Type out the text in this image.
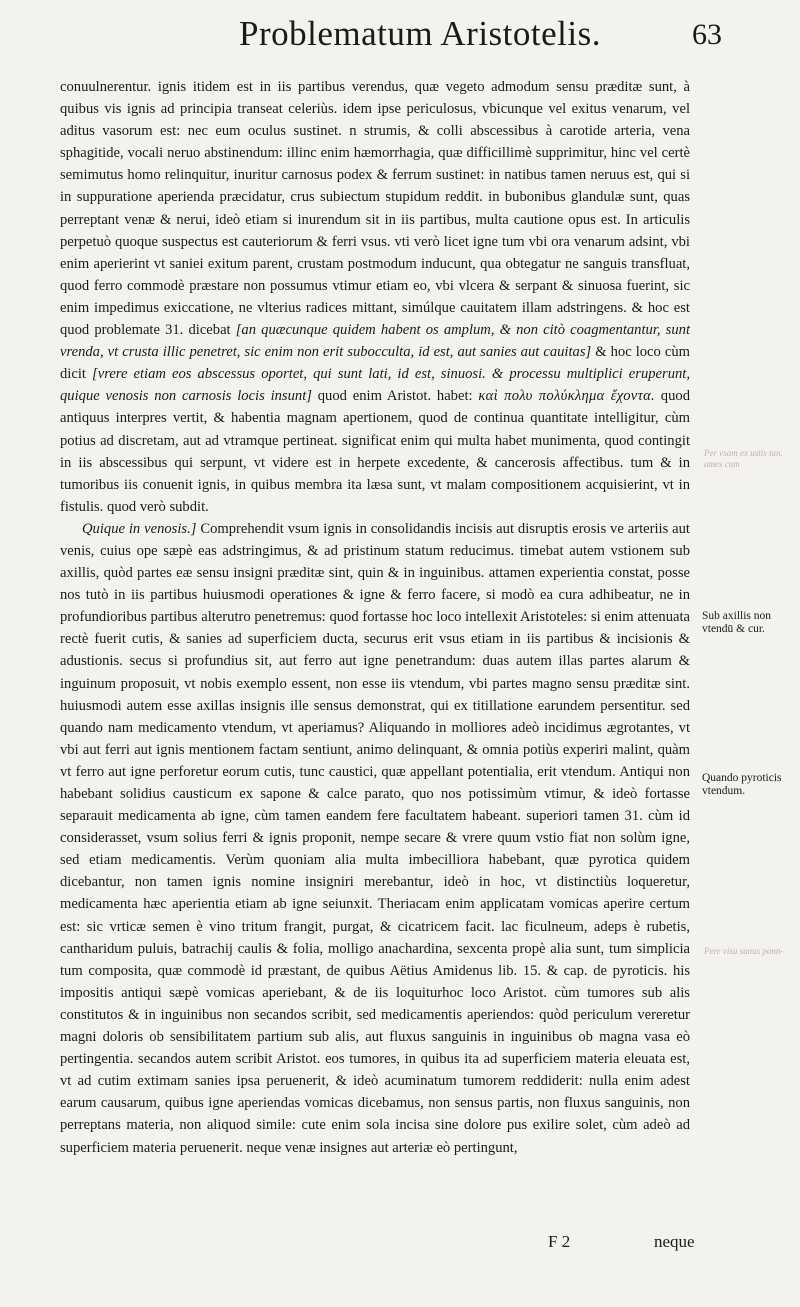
Problematum Aristotelis.	63

conuulnerentur. ignis itidem est in iis partibus verendus, quæ vegeto admodum sensu præditæ sunt, à quibus vis ignis ad principia transeat celeriùs. idem ipse periculosus, vbicunque vel exitus venarum, vel aditus vasorum est: nec eum oculus sustinet. n strumis, & colli abscessibus à carotide arteria, vena sphagitide, vocali neruo abstinendum: illinc enim hæmorrhagia, quæ difficillimè supprimitur, hinc vel certè semimutus homo relinquitur, inuritur carnosus podex & ferrum sustinet: in natibus tamen neruus est, qui si in suppuratione aperienda præcidatur, crus subiectum stupidum reddit. in bubonibus glandulæ sunt, quas perreptant venæ & nerui, ideò etiam si inurendum sit in iis partibus, multa cautione opus est. In articulis perpetuò quoque suspectus est cauteriorum & ferri vsus. vti verò licet igne tum vbi ora venarum adsint, vbi enim aperierint vt saniei exitum parent, crustam postmodum inducunt, qua obtegatur ne sanguis transfluat, quod ferro commodè præstare non possumus vtimur etiam eo, vbi vlcera & serpant & sinuosa fuerint, sic enim impedimus exiccatione, ne vlterius radices mittant, simúlque cauitatem illam adstringens. & hoc est quod problemate 31. dicebat [an quæcunque quidem habent os amplum, & non citò coagmentantur, sunt vrenda, vt crusta illic penetret, sic enim non erit subocculta, id est, aut sanies aut cauitas] & hoc loco cùm dicit [vrere etiam eos abscessus oportet, qui sunt lati, id est, sinuosi. & processu multiplici eruperunt, quique venosis non carnosis locis insunt] quod enim Aristot. habet: καὶ πολυ πολύκλημα ἔχοντα. quod antiquus interpres vertit, & habentia magnam apertionem, quod de continua quantitate intelligitur, cùm potius ad discretam, aut ad vtramque pertineat. significat enim qui multa habet munimenta, quod contingit in iis abscessibus qui serpunt, vt videre est in herpete excedente, & cancerosis affectibus. tum & in tumoribus iis conuenit ignis, in quibus membra ita læsa sunt, vt malam compositionem acquisierint, vt in fistulis. quod verò subdit.

Quique in venosis.] Comprehendit vsum ignis in consolidandis incisis aut disruptis erosis ve arteriis aut venis, cuius ope sæpè eas adstringimus, & ad pristinum statum reducimus. timebat autem vstionem sub axillis, quòd partes eæ sensu insigni præditæ sint, quin & in inguinibus. attamen experientia constat, posse nos tutò in iis partibus huiusmodi operationes & igne & ferro facere, si modò ea cura adhibeatur, ne in profundioribus partibus alterutro penetremus: quod fortasse hoc loco intellexit Aristoteles: si enim attenuata rectè fuerit cutis, & sanies ad superficiem ducta, securus erit vsus etiam in iis partibus & incisionis & adustionis. secus si profundius sit, aut ferro aut igne penetrandum: duas autem illas partes alarum & inguinum proposuit, vt nobis exemplo essent, non esse iis vtendum, vbi partes magno sensu præditæ sint. huiusmodi autem esse axillas insignis ille sensus demonstrat, qui ex titillatione earundem persentitur. sed quando nam medicamento vtendum, vt aperiamus? Aliquando in molliores adeò incidimus ægrotantes, vt vbi aut ferri aut ignis mentionem factam sentiunt, animo delinquant, & omnia potiùs experiri malint, quàm vt ferro aut igne perforetur eorum cutis, tunc caustici, quæ appellant potentialia, erit vtendum. Antiqui non habebant solidius causticum ex sapone & calce parato, quo nos potissimùm vtimur, & ideò fortasse separauit medicamenta ab igne, cùm tamen eandem fere facultatem habeant. superiori tamen 31. cùm id considerasset, vsum solius ferri & ignis proponit, nempe secare & vrere quum vstio fiat non solùm igne, sed etiam medicamentis. Verùm quoniam alia multa imbecilliora habebant, quæ pyrotica quidem dicebantur, non tamen ignis nomine insigniri merebantur, ideò in hoc, vt distinctiùs loqueretur, medicamenta hæc aperientia etiam ab igne seiunxit. Theriacam enim applicatam vomicas aperire certum est: sic vrticæ semen è vino tritum frangit, purgat, & cicatricem facit. lac ficulneum, adeps è rubetis, cantharidum puluis, batrachij caulis & folia, molligo anachardina, sexcenta propè alia sunt, tum simplicia tum composita, quæ commodè id præstant, de quibus Aëtius Amidenus lib. 15. & cap. de pyroticis. his impositis antiqui sæpè vomicas aperiebant, & de iis loquiturhoc loco Aristot. cùm tumores sub alis constitutos & in inguinibus non secandos scribit, sed medicamentis aperiendos: quòd periculum vereretur magni doloris ob sensibilitatem partium sub alis, aut fluxus sanguinis in inguinibus ob magna vasa eò pertingentia. secandos autem scribit Aristot. eos tumores, in quibus ita ad superficiem materia eleuata est, vt ad cutim extimam sanies ipsa peruenerit, & ideò acuminatum tumorem reddiderit: nulla enim adest earum causarum, quibus igne aperiendas vomicas dicebamus, non sensus partis, non fluxus sanguinis, non perreptans materia, non aliquod simile: cute enim sola incisa sine dolore pus exilire solet, cùm adeò ad superficiem materia peruenerit. neque venæ insignes aut arteriæ eò pertingunt,

Per vsam ex ustis tan. ames cum
Pere visu sunus ponn-
Sub axillis non vtendū & cur.
Quando pyroticis vtendum.
F 2	neque
